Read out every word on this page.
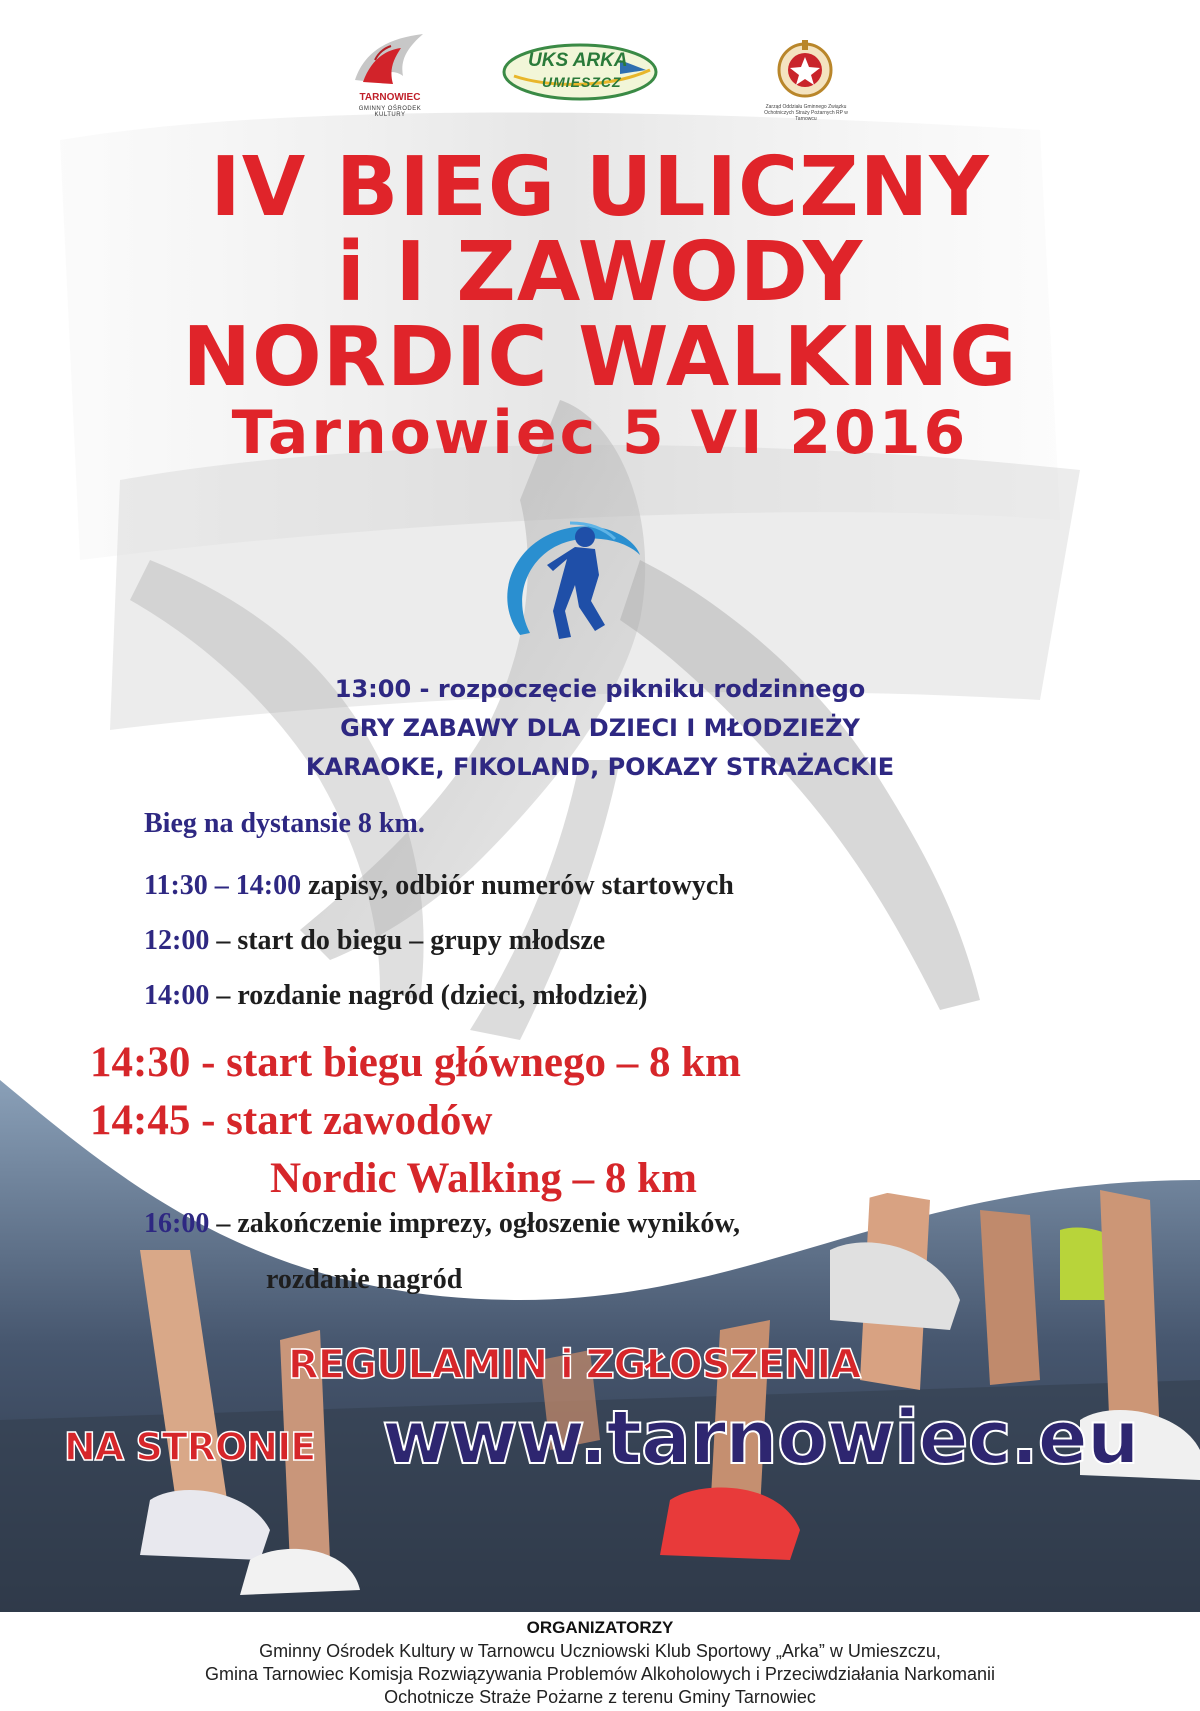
TARNOWIEC
GMINNY OŚRODEK KULTURY
UKS ARKA
UMIESZCZ
Zarząd Oddziału Gminnego Związku Ochotniczych Straży Pożarnych RP w Tarnowcu
IV BIEG ULICZNY
i I ZAWODY
NORDIC WALKING
Tarnowiec 5 VI 2016
13:00 - rozpoczęcie pikniku rodzinnego
GRY ZABAWY DLA DZIECI I MŁODZIEŻY
KARAOKE, FIKOLAND, POKAZY STRAŻACKIE
Bieg na dystansie 8 km.
11:30 – 14:00 zapisy, odbiór numerów startowych
12:00 – start do biegu – grupy młodsze
14:00 – rozdanie nagród (dzieci, młodzież)
14:30 - start biegu głównego – 8 km
14:45 - start zawodów
Nordic Walking – 8 km
16:00 – zakończenie imprezy, ogłoszenie wyników,
rozdanie nagród
REGULAMIN i ZGŁOSZENIA
NA STRONIE www.tarnowiec.eu
ORGANIZATORZY
Gminny Ośrodek Kultury w Tarnowcu Uczniowski Klub Sportowy „Arka” w Umieszczu,
Gmina Tarnowiec Komisja Rozwiązywania Problemów Alkoholowych i Przeciwdziałania Narkomanii
Ochotnicze Straże Pożarne z terenu Gminy Tarnowiec
